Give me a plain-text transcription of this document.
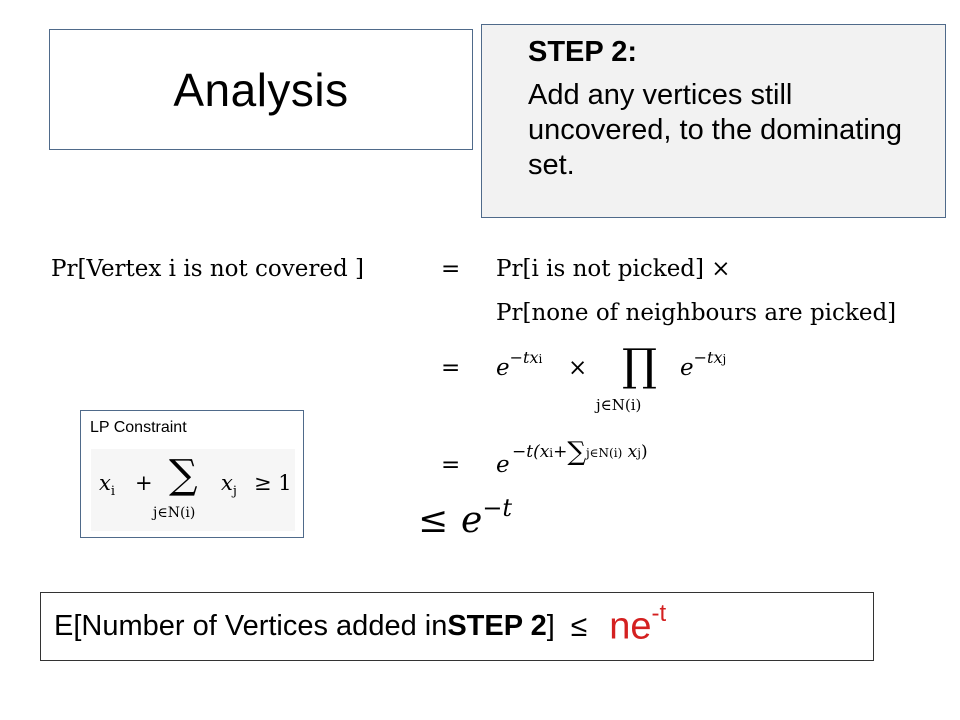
Analysis
STEP 2:
Add any vertices still uncovered, to the dominating set.
Pr[Vertex i is not covered ]	= Pr[i is not picked] ×
Pr[none of neighbours are picked]
= $e^{-txi}$ × ∏
j∈N(i)
$e^{-txj}$
= e −t(xi+∑j∈N(i) xj)
≤ $e^{-t}$
LP Constraint
$x_i$ + ∑
j∈N(i)
$x_j \ge 1$
E[Number of Vertices added in STEP 2 ] ≤ $ne^{-t}$
